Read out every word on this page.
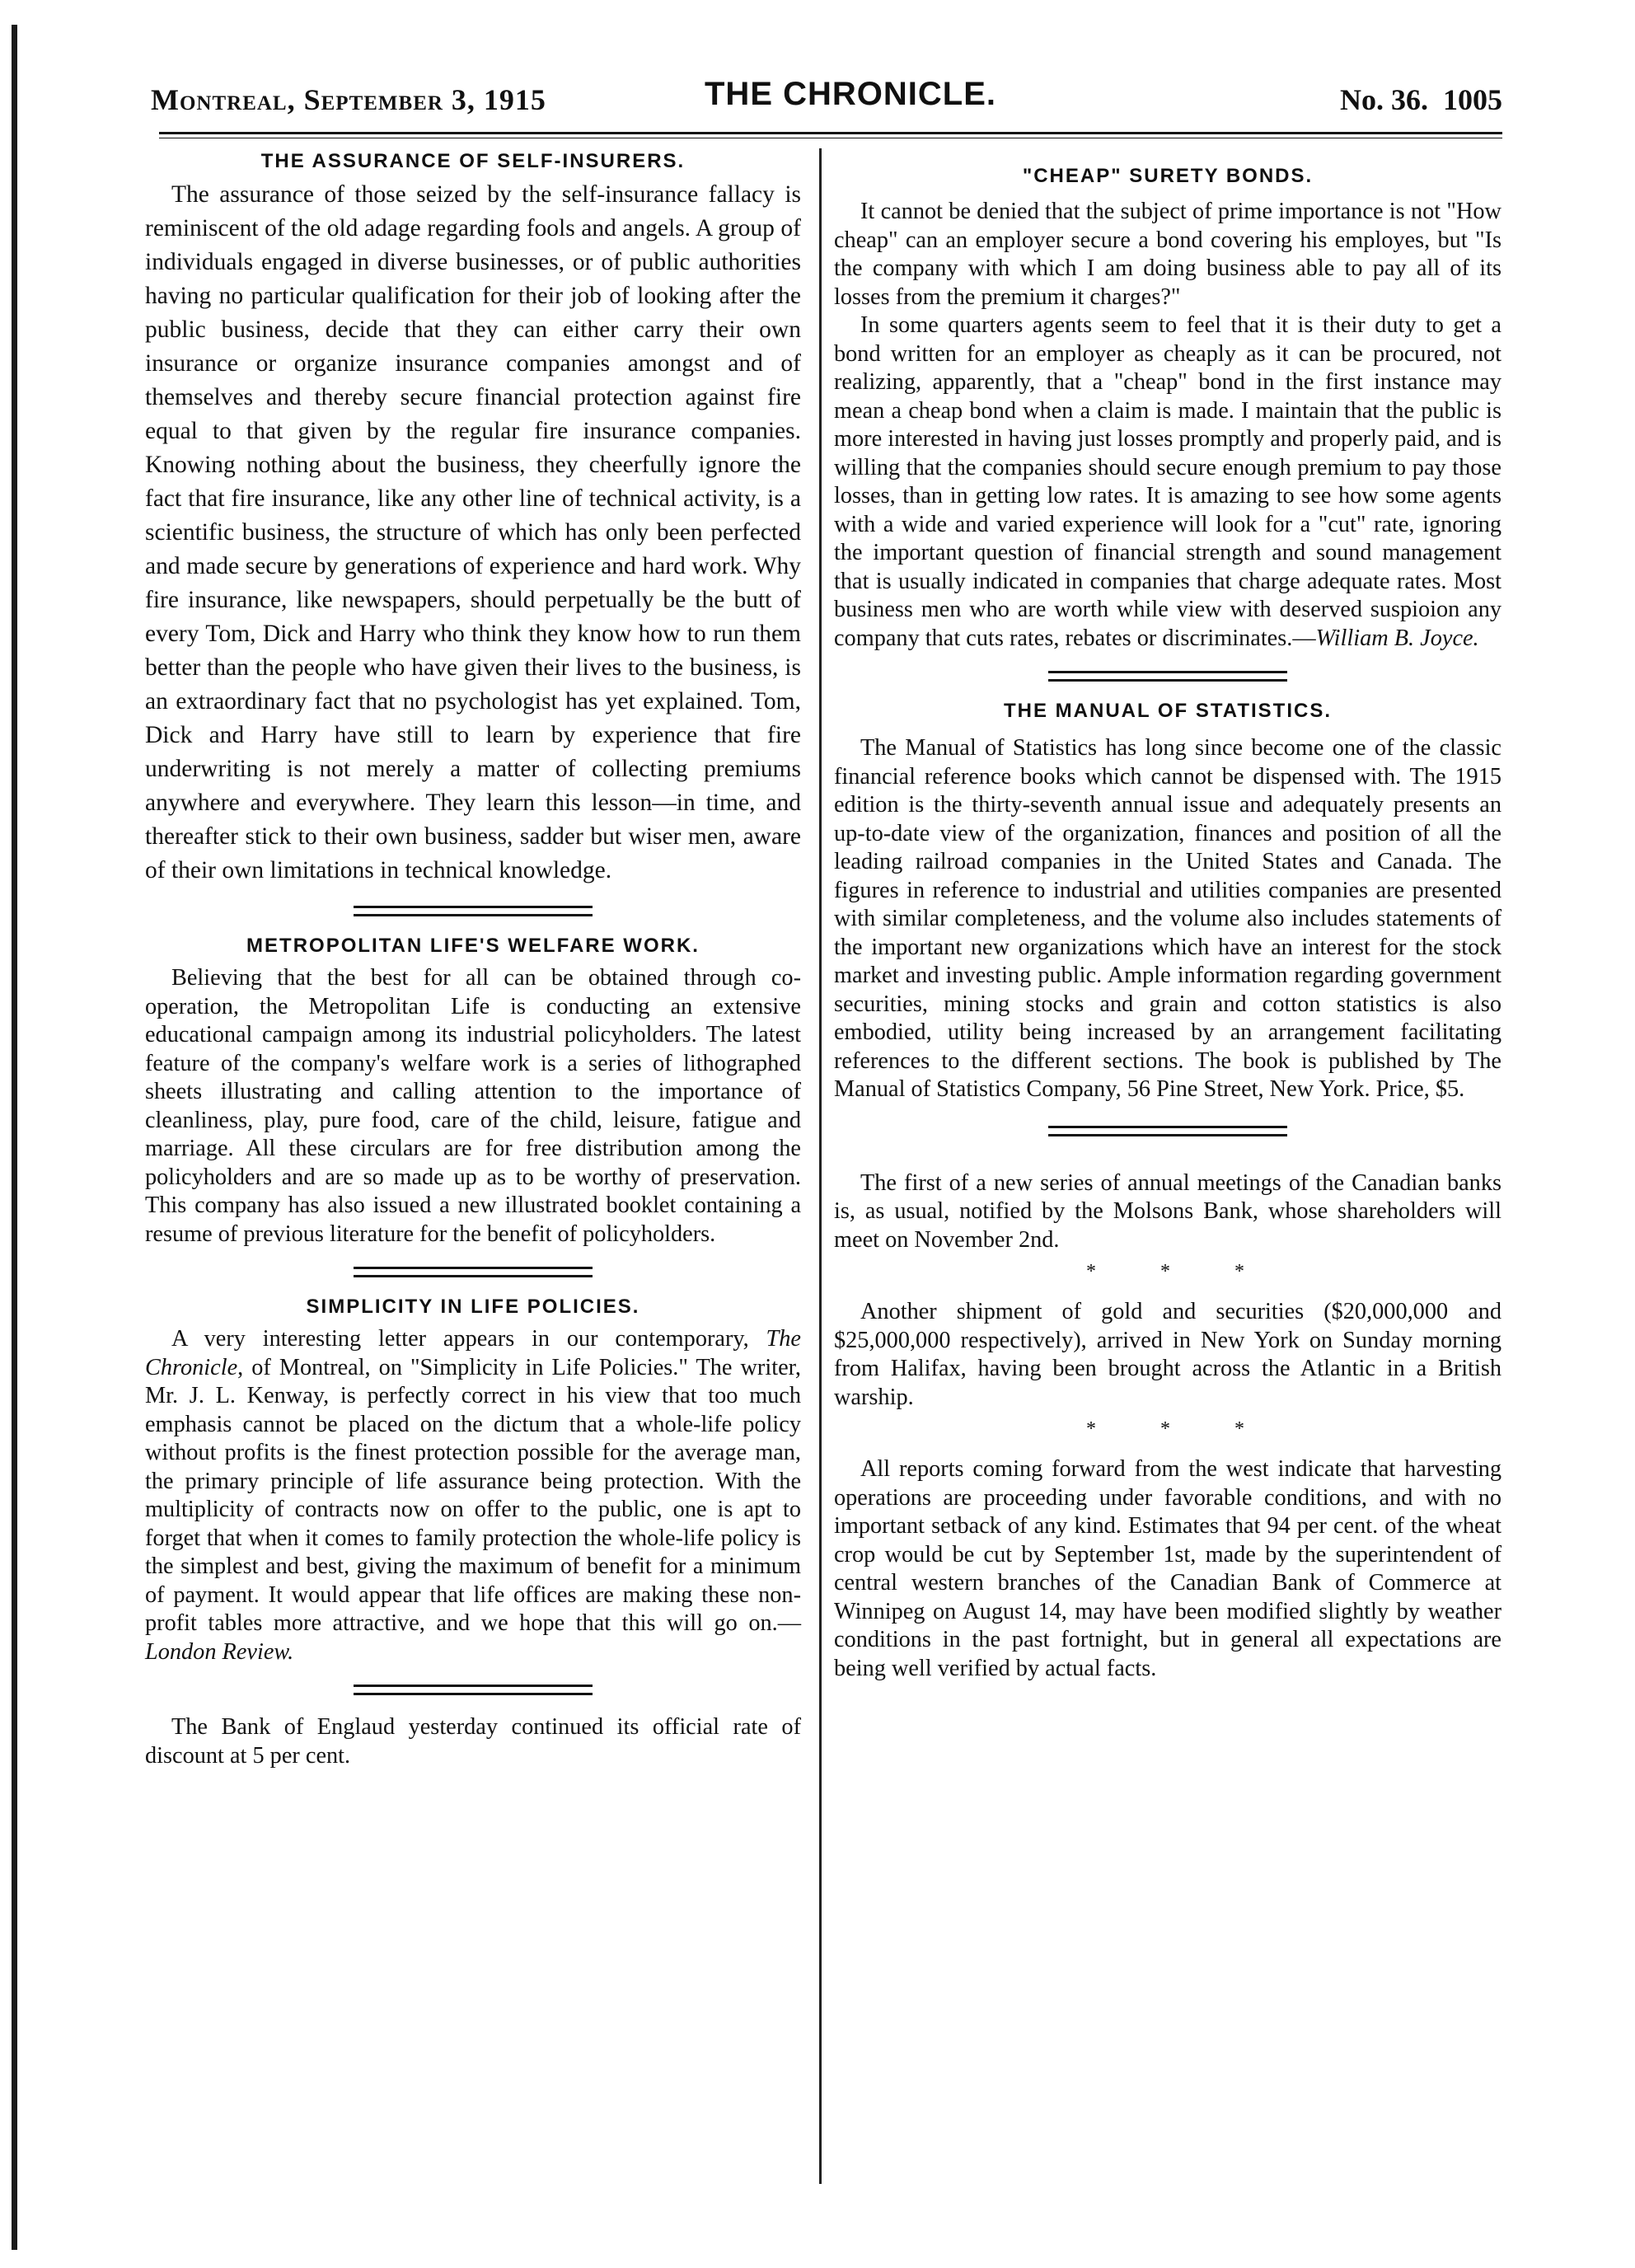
Montreal, September 3, 1915	THE CHRONICLE.	No. 36. 1005
THE ASSURANCE OF SELF-INSURERS.

The assurance of those seized by the self-insurance fallacy is reminiscent of the old adage regarding fools and angels. A group of individuals engaged in diverse businesses, or of public authorities having no particular qualification for their job of looking after the public business, decide that they can either carry their own insurance or organize insurance companies amongst and of themselves and thereby secure financial protection against fire equal to that given by the regular fire insurance companies. Knowing nothing about the business, they cheerfully ignore the fact that fire insurance, like any other line of technical activity, is a scientific business, the structure of which has only been perfected and made secure by generations of experience and hard work. Why fire insurance, like newspapers, should perpetually be the butt of every Tom, Dick and Harry who think they know how to run them better than the people who have given their lives to the business, is an extraordinary fact that no psychologist has yet explained. Tom, Dick and Harry have still to learn by experience that fire underwriting is not merely a matter of collecting premiums anywhere and everywhere. They learn this lesson—in time, and thereafter stick to their own business, sadder but wiser men, aware of their own limitations in technical knowledge.

METROPOLITAN LIFE'S WELFARE WORK.

Believing that the best for all can be obtained through co-operation, the Metropolitan Life is conducting an extensive educational campaign among its industrial policyholders. The latest feature of the company's welfare work is a series of lithographed sheets illustrating and calling attention to the importance of cleanliness, play, pure food, care of the child, leisure, fatigue and marriage. All these circulars are for free distribution among the policyholders and are so made up as to be worthy of preservation. This company has also issued a new illustrated booklet containing a resume of previous literature for the benefit of policyholders.

SIMPLICITY IN LIFE POLICIES.

A very interesting letter appears in our contemporary, The Chronicle, of Montreal, on "Simplicity in Life Policies." The writer, Mr. J. L. Kenway, is perfectly correct in his view that too much emphasis cannot be placed on the dictum that a whole-life policy without profits is the finest protection possible for the average man, the primary principle of life assurance being protection. With the multiplicity of contracts now on offer to the public, one is apt to forget that when it comes to family protection the whole-life policy is the simplest and best, giving the maximum of benefit for a minimum of payment. It would appear that life offices are making these non-profit tables more attractive, and we hope that this will go on.—London Review.

The Bank of Englaud yesterday continued its official rate of discount at 5 per cent.

"CHEAP" SURETY BONDS.

It cannot be denied that the subject of prime importance is not "How cheap" can an employer secure a bond covering his employes, but "Is the company with which I am doing business able to pay all of its losses from the premium it charges?"

In some quarters agents seem to feel that it is their duty to get a bond written for an employer as cheaply as it can be procured, not realizing, apparently, that a "cheap" bond in the first instance may mean a cheap bond when a claim is made. I maintain that the public is more interested in having just losses promptly and properly paid, and is willing that the companies should secure enough premium to pay those losses, than in getting low rates. It is amazing to see how some agents with a wide and varied experience will look for a "cut" rate, ignoring the important question of financial strength and sound management that is usually indicated in companies that charge adequate rates. Most business men who are worth while view with deserved suspioion any company that cuts rates, rebates or discriminates.—William B. Joyce.

THE MANUAL OF STATISTICS.

The Manual of Statistics has long since become one of the classic financial reference books which cannot be dispensed with. The 1915 edition is the thirty-seventh annual issue and adequately presents an up-to-date view of the organization, finances and position of all the leading railroad companies in the United States and Canada. The figures in reference to industrial and utilities companies are presented with similar completeness, and the volume also includes statements of the important new organizations which have an interest for the stock market and investing public. Ample information regarding government securities, mining stocks and grain and cotton statistics is also embodied, utility being increased by an arrangement facilitating references to the different sections. The book is published by The Manual of Statistics Company, 56 Pine Street, New York. Price, $5.

The first of a new series of annual meetings of the Canadian banks is, as usual, notified by the Molsons Bank, whose shareholders will meet on November 2nd.

* * *

Another shipment of gold and securities ($20,000,000 and $25,000,000 respectively), arrived in New York on Sunday morning from Halifax, having been brought across the Atlantic in a British warship.

* * *

All reports coming forward from the west indicate that harvesting operations are proceeding under favorable conditions, and with no important setback of any kind. Estimates that 94 per cent. of the wheat crop would be cut by September 1st, made by the superintendent of central western branches of the Canadian Bank of Commerce at Winnipeg on August 14, may have been modified slightly by weather conditions in the past fortnight, but in general all expectations are being well verified by actual facts.
